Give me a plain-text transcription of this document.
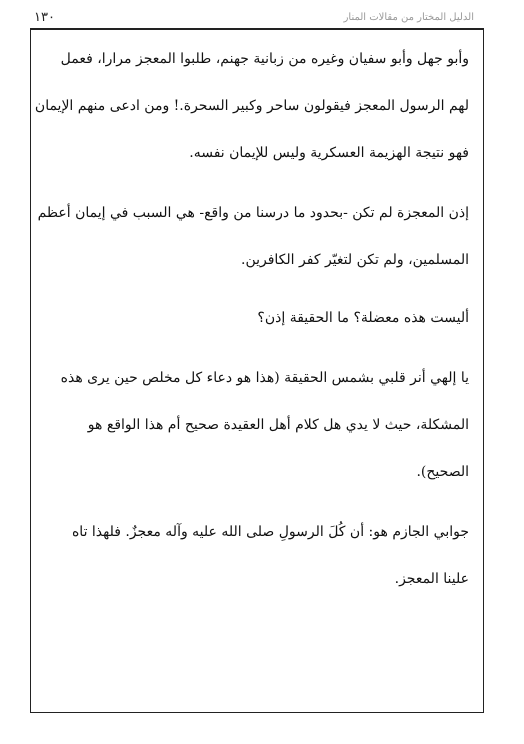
١٣٠	الدليل المختار من مقالات المنار
وأبو جهل وأبو سفيان وغيره من زبانية جهنم، طلبوا المعجز مرارا، فعمل
لهم الرسول المعجز فيقولون ساحر وكبير السحرة.! ومن ادعى منهم الإيمان
فهو نتيجة الهزيمة العسكرية وليس للإيمان نفسه.
إذن المعجزة لم تكن -بحدود ما درسنا من واقع- هي السبب في إيمان أعظم
المسلمين، ولم تكن لتغيّر كفر الكافرين.
أليست هذه معضلة؟ ما الحقيقة إذن؟
يا إلهي أنر قلبي بشمس الحقيقة (هذا هو دعاء كل مخلص حين يرى هذه
المشكلة، حيث لا يدي هل كلام أهل العقيدة صحيح أم هذا الواقع هو
الصحيح).
جوابي الجازم هو: أن كُلَ الرسولِ صلى الله عليه وآله معجزٌ. فلهذا تاه
علينا المعجز.
